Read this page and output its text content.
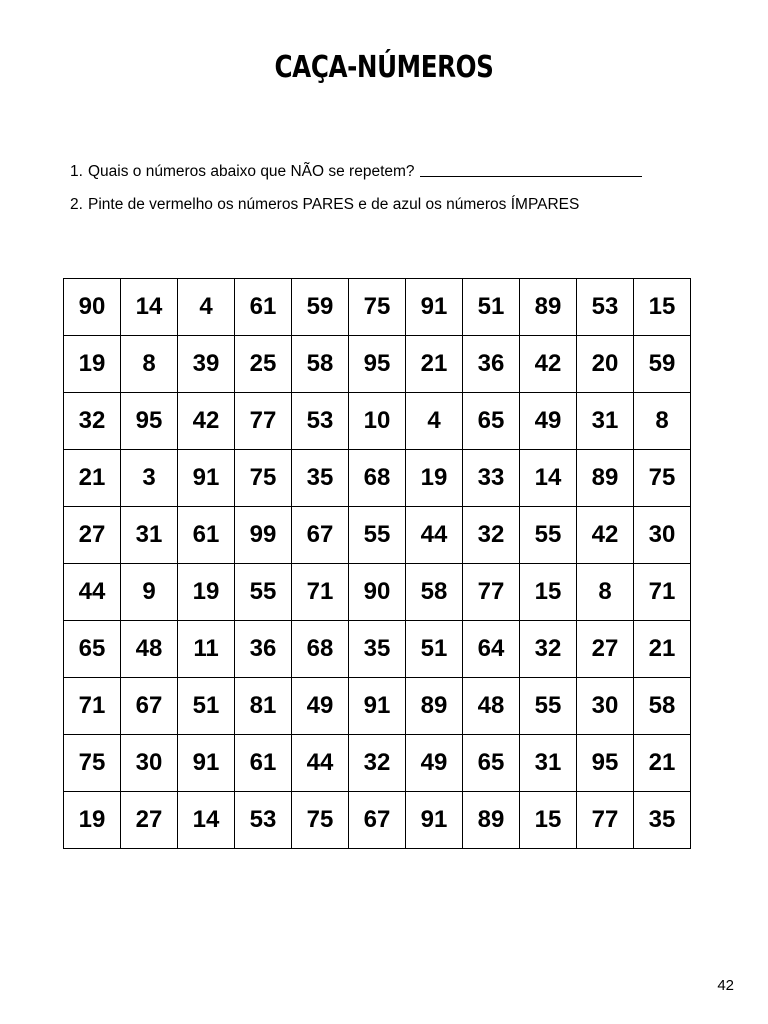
CAÇA-NÚMEROS
1. Quais o números abaixo que NÃO se repetem?
2. Pinte de vermelho os números PARES e de azul os números ÍMPARES
90	14	4	61	59	75	91	51	89	53	15
19	8	39	25	58	95	21	36	42	20	59
32	95	42	77	53	10	4	65	49	31	8
21	3	91	75	35	68	19	33	14	89	75
27	31	61	99	67	55	44	32	55	42	30
44	9	19	55	71	90	58	77	15	8	71
65	48	11	36	68	35	51	64	32	27	21
71	67	51	81	49	91	89	48	55	30	58
75	30	91	61	44	32	49	65	31	95	21
19	27	14	53	75	67	91	89	15	77	35
42
